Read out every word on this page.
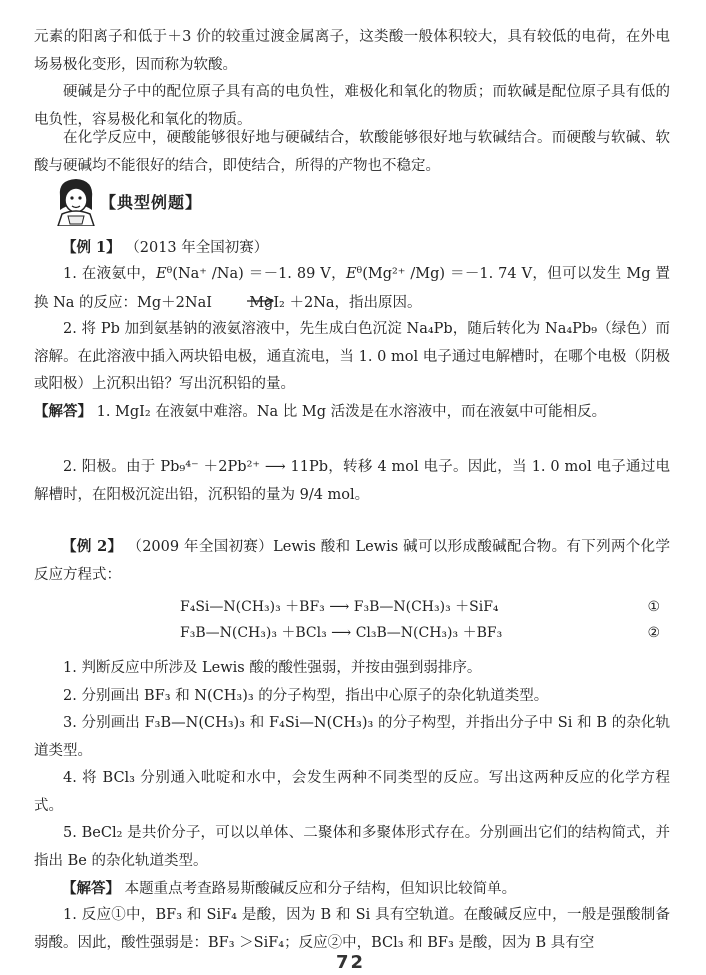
元素的阳离子和低于＋3 价的较重过渡金属离子，这类酸一般体积较大，具有较低的电荷，在外电场易极化变形，因而称为软酸。

硬碱是分子中的配位原子具有高的电负性，难极化和氧化的物质；而软碱是配位原子具有低的电负性，容易极化和氧化的物质。

在化学反应中，硬酸能够很好地与硬碱结合，软酸能够很好地与软碱结合。而硬酸与软碱、软酸与硬碱均不能很好的结合，即使结合，所得的产物也不稳定。

【典型例题】

【例 1】 （2013 年全国初赛）

1. 在液氨中，$E^\theta(Na^+$ /Na) ＝－1. 89 V，$E^\theta(Mg^{2+}$ /Mg) ＝－1. 74 V，但可以发生 Mg 置换 Na 的反应：Mg＋2NaI → MgI₂ ＋2Na，指出原因。

2. 将 Pb 加到氨基钠的液氨溶液中，先生成白色沉淀 Na₄Pb，随后转化为 Na₄Pb₉（绿色）而溶解。在此溶液中插入两块铅电极，通直流电，当 1. 0 mol 电子通过电解槽时，在哪个电极（阴极或阳极）上沉积出铅？写出沉积铅的量。

【解答】 1. MgI₂ 在液氨中难溶。Na 比 Mg 活泼是在水溶液中，而在液氨中可能相反。

2. 阳极。由于 Pb₉⁴⁻ ＋2Pb²⁺ ⟶ 11Pb，转移 4 mol 电子。因此，当 1. 0 mol 电子通过电解槽时，在阳极沉淀出铅，沉积铅的量为 9/4 mol。

【例 2】 （2009 年全国初赛）Lewis 酸和 Lewis 碱可以形成酸碱配合物。有下列两个化学反应方程式：

F₄Si—N(CH₃)₃ ＋BF₃ ⟶ F₃B—N(CH₃)₃ ＋SiF₄	①
F₃B—N(CH₃)₃ ＋BCl₃ ⟶ Cl₃B—N(CH₃)₃ ＋BF₃	②

1. 判断反应中所涉及 Lewis 酸的酸性强弱，并按由强到弱排序。

2. 分别画出 BF₃ 和 N(CH₃)₃ 的分子构型，指出中心原子的杂化轨道类型。

3. 分别画出 F₃B—N(CH₃)₃ 和 F₄Si—N(CH₃)₃ 的分子构型，并指出分子中 Si 和 B 的杂化轨道类型。

4. 将 BCl₃ 分别通入吡啶和水中，会发生两种不同类型的反应。写出这两种反应的化学方程式。

5. BeCl₂ 是共价分子，可以以单体、二聚体和多聚体形式存在。分别画出它们的结构简式，并指出 Be 的杂化轨道类型。

【解答】 本题重点考查路易斯酸碱反应和分子结构，但知识比较简单。

1. 反应①中，BF₃ 和 SiF₄ 是酸，因为 B 和 Si 具有空轨道。在酸碱反应中，一般是强酸制备弱酸。因此，酸性强弱是：BF₃ ＞SiF₄；反应②中，BCl₃ 和 BF₃ 是酸，因为 B 具有空

72
